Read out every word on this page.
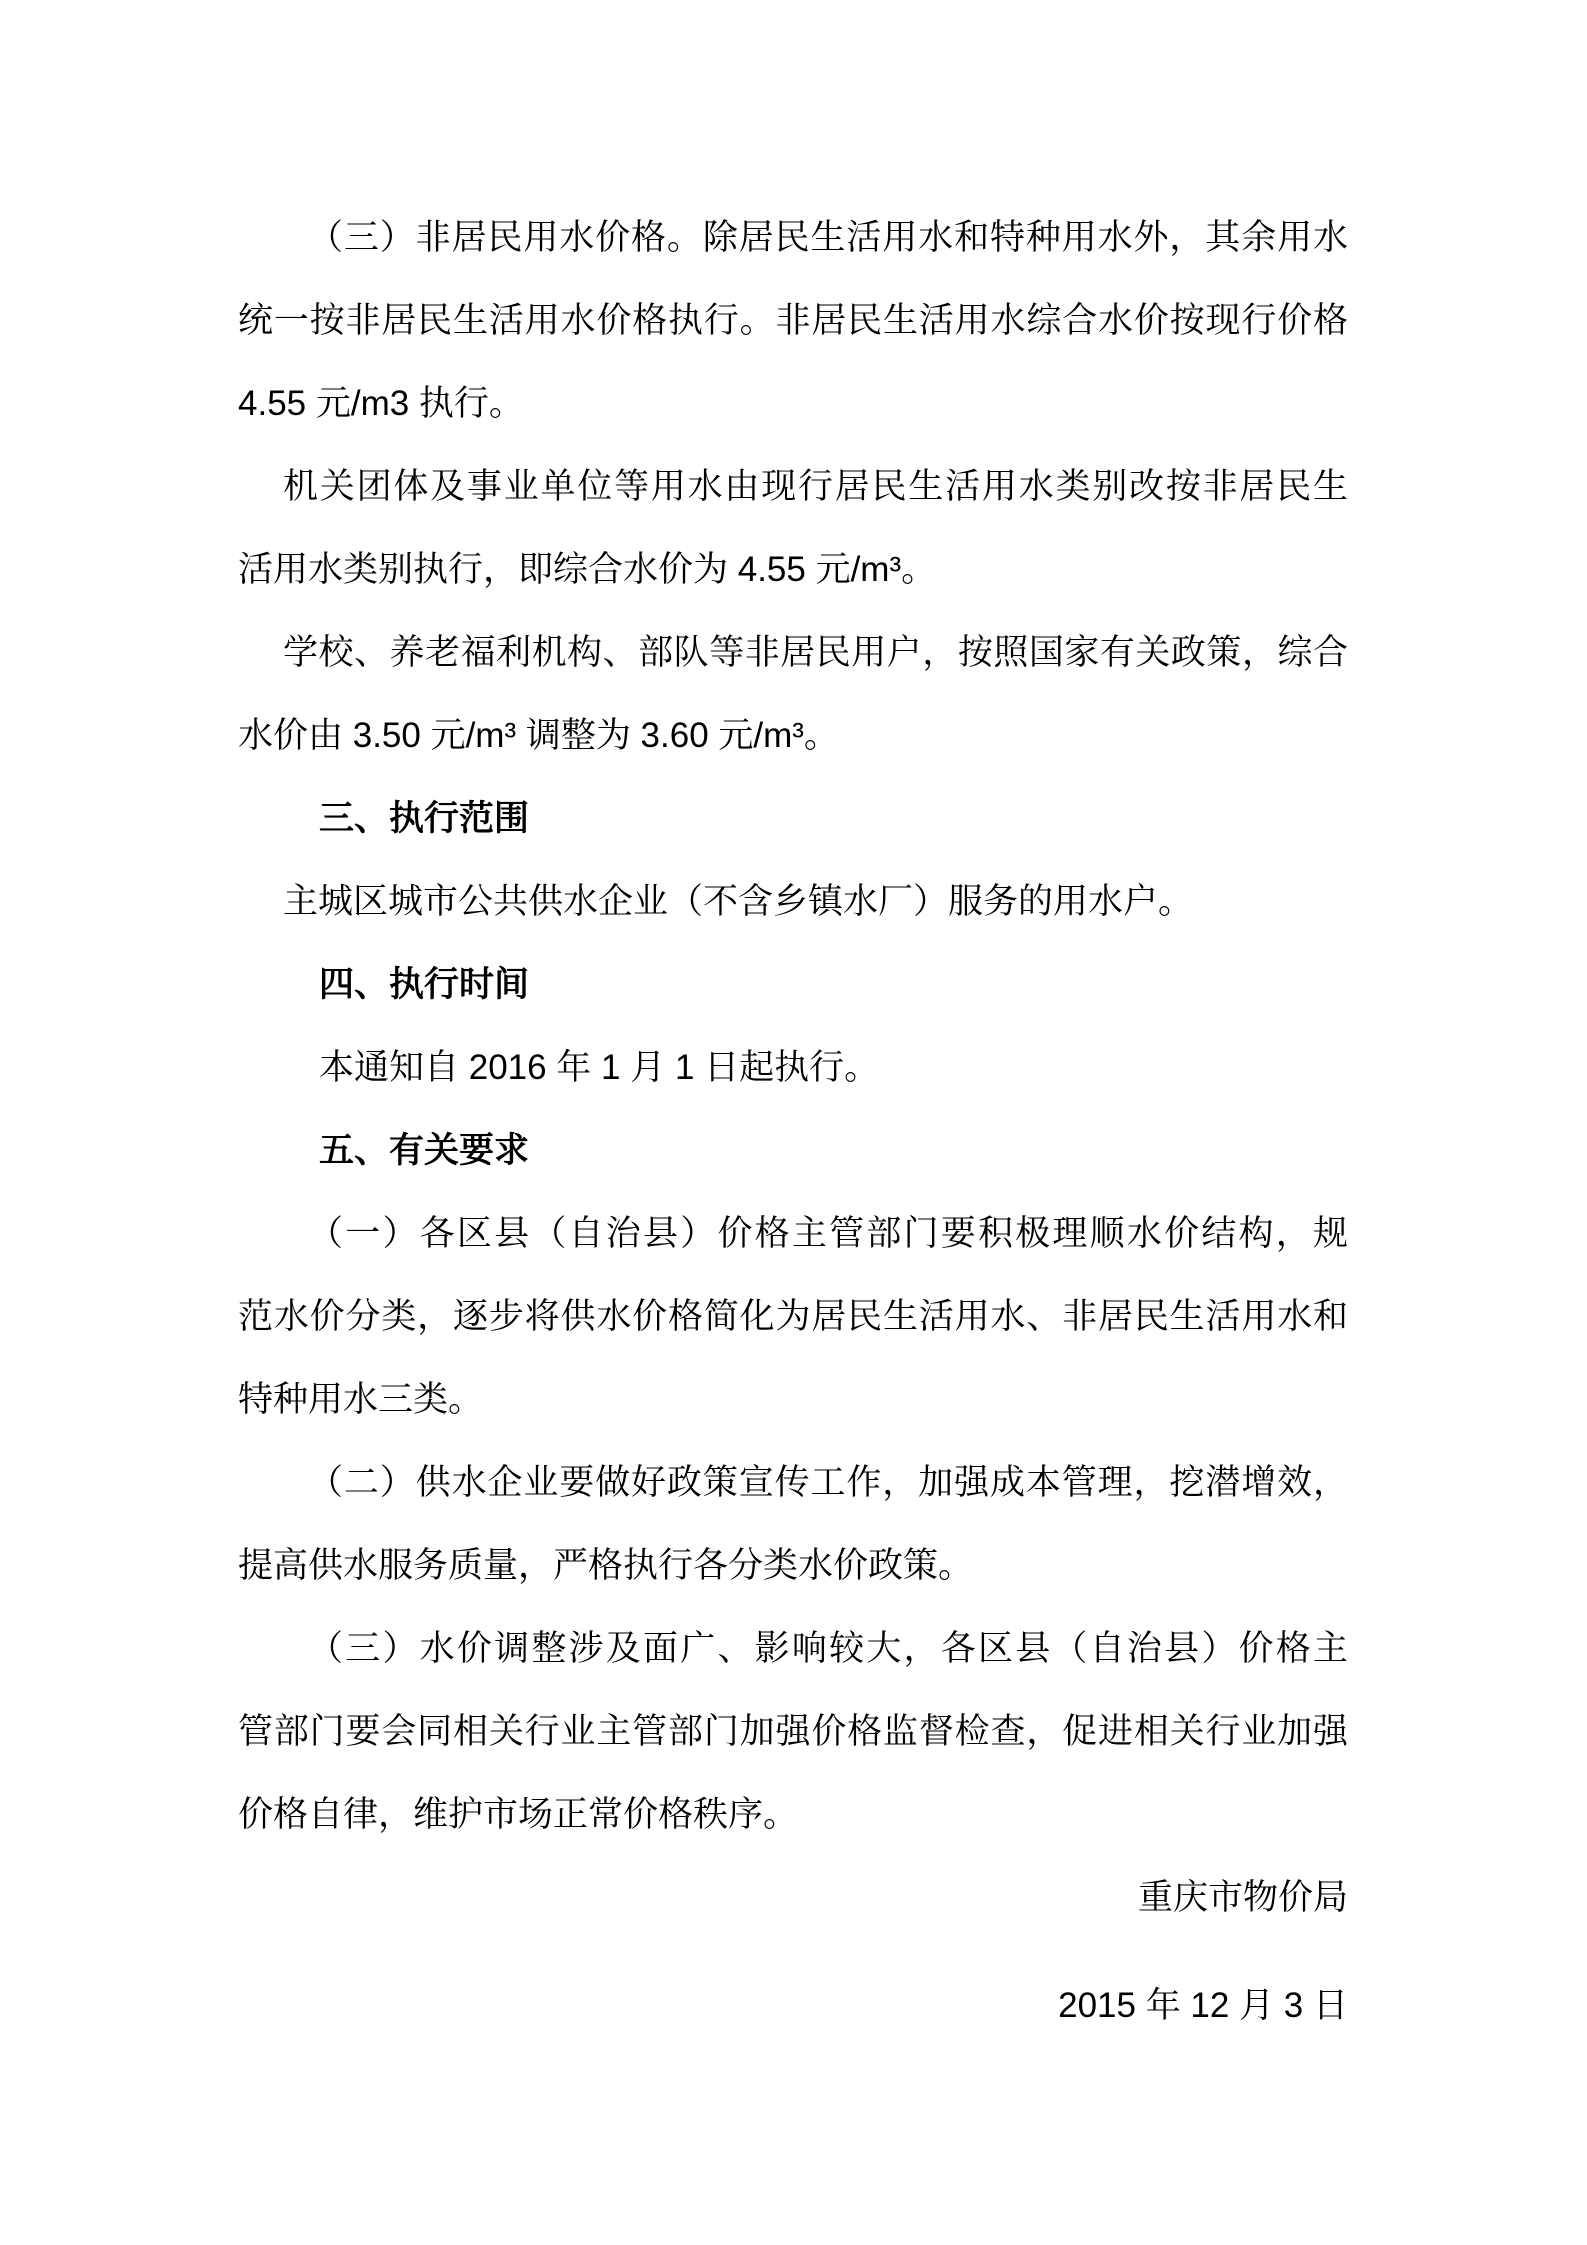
（三）非居民用水价格。除居民生活用水和特种用水外，其余用水
统一按非居民生活用水价格执行。非居民生活用水综合水价按现行价格
4.55 元/m3 执行。
机关团体及事业单位等用水由现行居民生活用水类别改按非居民生
活用水类别执行，即综合水价为 4.55 元/m³。
学校、养老福利机构、部队等非居民用户，按照国家有关政策，综合
水价由 3.50 元/m³ 调整为 3.60 元/m³。
三、执行范围
主城区城市公共供水企业（不含乡镇水厂）服务的用水户。
四、执行时间
本通知自 2016 年 1 月 1 日起执行。
五、有关要求
（一）各区县（自治县）价格主管部门要积极理顺水价结构，规
范水价分类，逐步将供水价格简化为居民生活用水、非居民生活用水和
特种用水三类。
（二）供水企业要做好政策宣传工作，加强成本管理，挖潜增效，
提高供水服务质量，严格执行各分类水价政策。
（三）水价调整涉及面广、影响较大，各区县（自治县）价格主
管部门要会同相关行业主管部门加强价格监督检查，促进相关行业加强
价格自律，维护市场正常价格秩序。
重庆市物价局
2015 年 12 月 3 日
